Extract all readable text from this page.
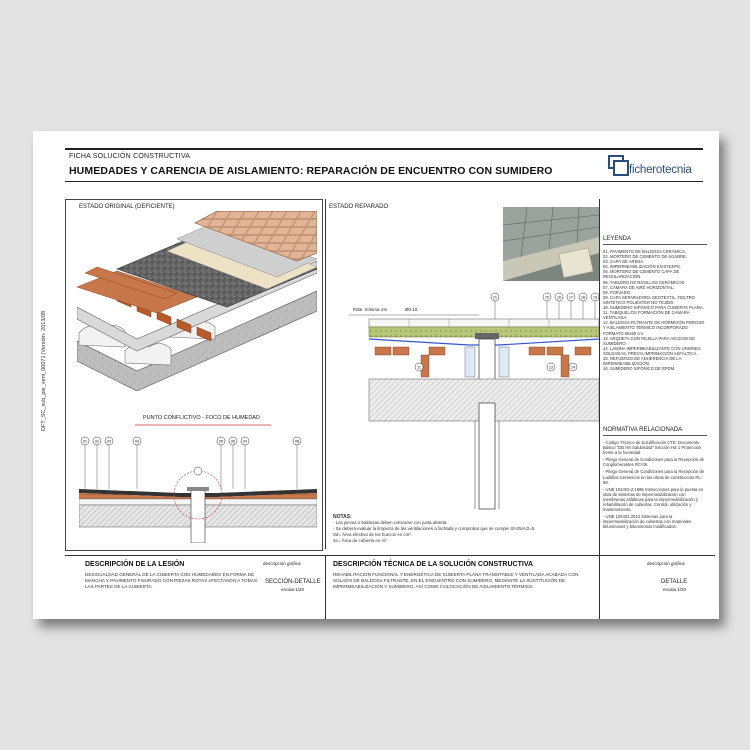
FICHA SOLUCIÓN CONSTRUCTIVA
HUMEDADES Y CARENCIA DE AISLAMIENTO: REPARACIÓN DE ENCUENTRO CON SUMIDERO	ficherotecnia
DFT_SC_sub_pie_vent_00071 |Versión· 2013/08
ESTADO ORIGINAL (DEFICIENTE)
PUNTO CONFLICTIVO - FOCO DE HUMEDAD
01 02 03	04	05 06 04	08
ESTADO REPARADO
21	15 16 17 18 19
11	13	14
Pdte. mínima 1%	Ø0.10
NOTAS:
- Las piezas o baldosas deben colocarse con junta abierta.
- Se deberá evaluar la limpieza de las ventilaciones a fachada y comprobar que se cumple Sl>25/A/2=5
Sd= Área efectiva de los huecos en cm².
Ac= Área de cubierta en m².
LEYENDA
01. PAVIMENTO DE BALDOSA CERÁMICA.
02. MORTERO DE CEMENTO DE AGARRE.
03. CAPA DE ARENA.
04. IMPERMEABILIZACIÓN EXISTENTE.
05. MORTERO DE CEMENTO CAPA DE REGULARIZACIÓN.
06. TABLERO DE RASILLOS CERÁMICOS.
07. CÁMARA DE AIRE HORIZONTAL.
08. FORJADO.
09. CAPA SEPARADORA GEOTEXTIL, FIELTRO SINTÉTICO POLIÉSTER NO TEJIDO.
10. SUMIDERO SIFÓNICO PARA CUBIERTA PLANA.
11. TABIQUILLOS FORMACIÓN DE CÁMARA VENTILADA.
12. BALDOSA FILTRANTE DE HORMIGÓN POROSO Y AISLAMIENTO TÉRMICO INCORPORADO FORMATO 60x60 cm.
13. ARQUETA CON REJILLA PARA ACCESO DE SUMIDERO.
14. LÁMINA IMPERMEABILIZANTE CON UNIONES SOLDADAS, PREVIA IMPRIMACIÓN ASFÁLTICA.
15. REFUERZO DE ADHERENCIA DE LA IMPERMEABILIZACIÓN.
16. SUMIDERO SIFÓNICO DE EPDM.
NORMATIVA RELACIONADA
- Código Técnico de la Edificación CTE. Documento Básico "DB HS Salubridad" Sección HS 1 Protección frente a la humedad.
- Pliego General de Condiciones para la Recepción de Conglomerantes RC-08.
- Pliego General de Condiciones para la Recepción de Ladrillos Cerámicos en las obras de construcción RL-88.
- UNE 104402-2:1996 Instrucciones para la puesta en obra de sistemas de impermeabilización con membranas asfálticas para la impermeabilización y rehabilitación de cubiertas. Control, utilización y mantenimiento.
- UNE 104401:2013 Sistemas para la impermeabilización de cubiertas con materiales bituminosos y bituminosos modificados.
DESCRIPCIÓN DE LA LESIÓN
DESIGUALDAD GENERAL DE LA CUBIERTA CON HUMEDADES EN FORMA DE MANCHA Y PAVIMENTO FISURADO CON PIEZAS ROTAS AFECTANDO A TODAS LAS PARTES DE LA CUBIERTA.
descripción gráfica
SECCIÓN-DETALLE
escala 1/20
DESCRIPCIÓN TÉCNICA DE LA SOLUCIÓN CONSTRUCTIVA
REHABILITACIÓN FUNCIONAL Y ENERGÉTICA DE CUBIERTA PLANA TRANSITABLE Y VENTILADA ACABADA CON SOLADO DE BALDOSA FILTRANTE, EN EL ENCUENTRO CON SUMIDERO, MEDIANTE LA SUSTITUCIÓN DE IMPERMEABILIZACIÓN Y SUMIDERO, ASÍ COMO COLOCACIÓN DE AISLAMIENTO TÉRMICO.
descripción gráfica
DETALLE
escala 1/20
